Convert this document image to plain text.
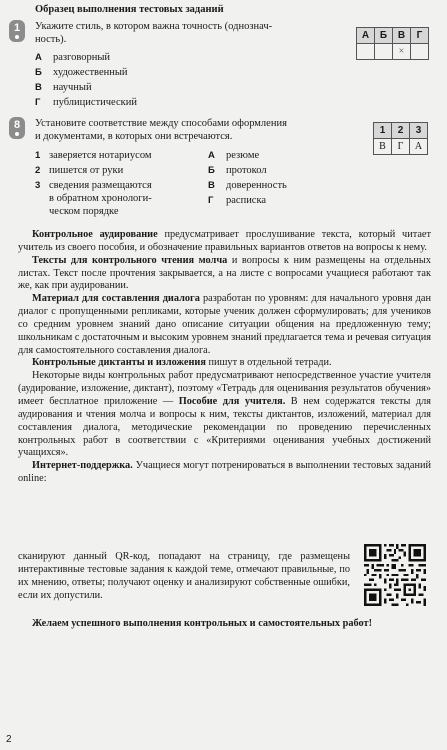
Образец выполнения тестовых заданий
1	Укажите стиль, в котором важна точность (однознач-
ность).
А разговорный
Б художественный
В научный
Г публицистический
А	Б	В	Г
		×	
8	Установите соответствие между способами оформления
и документами, в которых они встречаются.
1 заверяется нотариусом
2 пишется от руки
3 сведения размещаются
в обратном хронологи-
ческом порядке
А резюме
Б протокол
В доверенность
Г расписка
1	2	3
В	Г	А

Контрольное аудирование предусматривает прослушивание текста, который читает учитель из своего пособия, и обозначение правильных вариантов ответов на вопросы к нему.

Тексты для контрольного чтения молча и вопросы к ним размещены на отдельных листах. Текст после прочтения закрывается, а на листе с вопросами учащиеся работают так же, как при аудировании.

Материал для составления диалога разработан по уровням: для начального уровня дан диалог с пропущенными репликами, которые ученик должен сформулировать; для учеников со средним уровнем знаний дано описание ситуации общения на предложенную тему; школьникам с достаточным и высоким уровнем знаний предлагается тема и речевая ситуация для самостоятельного составления диалога.

Контрольные диктанты и изложения пишут в отдельной тетради.

Некоторые виды контрольных работ предусматривают непосредственное участие учителя (аудирование, изложение, диктант), поэтому «Тетрадь для оценивания результатов обучения» имеет бесплатное приложение — Пособие для учителя. В нем содержатся тексты для аудирования и чтения молча и вопросы к ним, тексты диктантов, изложений, материал для составления диалога, методические рекомендации по проведению перечисленных контрольных работ в соответствии с «Критериями оценивания учебных достижений учащихся».

Интернет-поддержка. Учащиеся могут потренироваться в выполнении тестовых заданий online:

сканируют данный QR-код, попадают на страницу, где размещены интерактивные тестовые задания к каждой теме, отмечают правильные, по их мнению, ответы; получают оценку и анализируют собственные ошибки, если их допустили.
Желаем успешного выполнения контрольных и самостоятельных работ!
2
